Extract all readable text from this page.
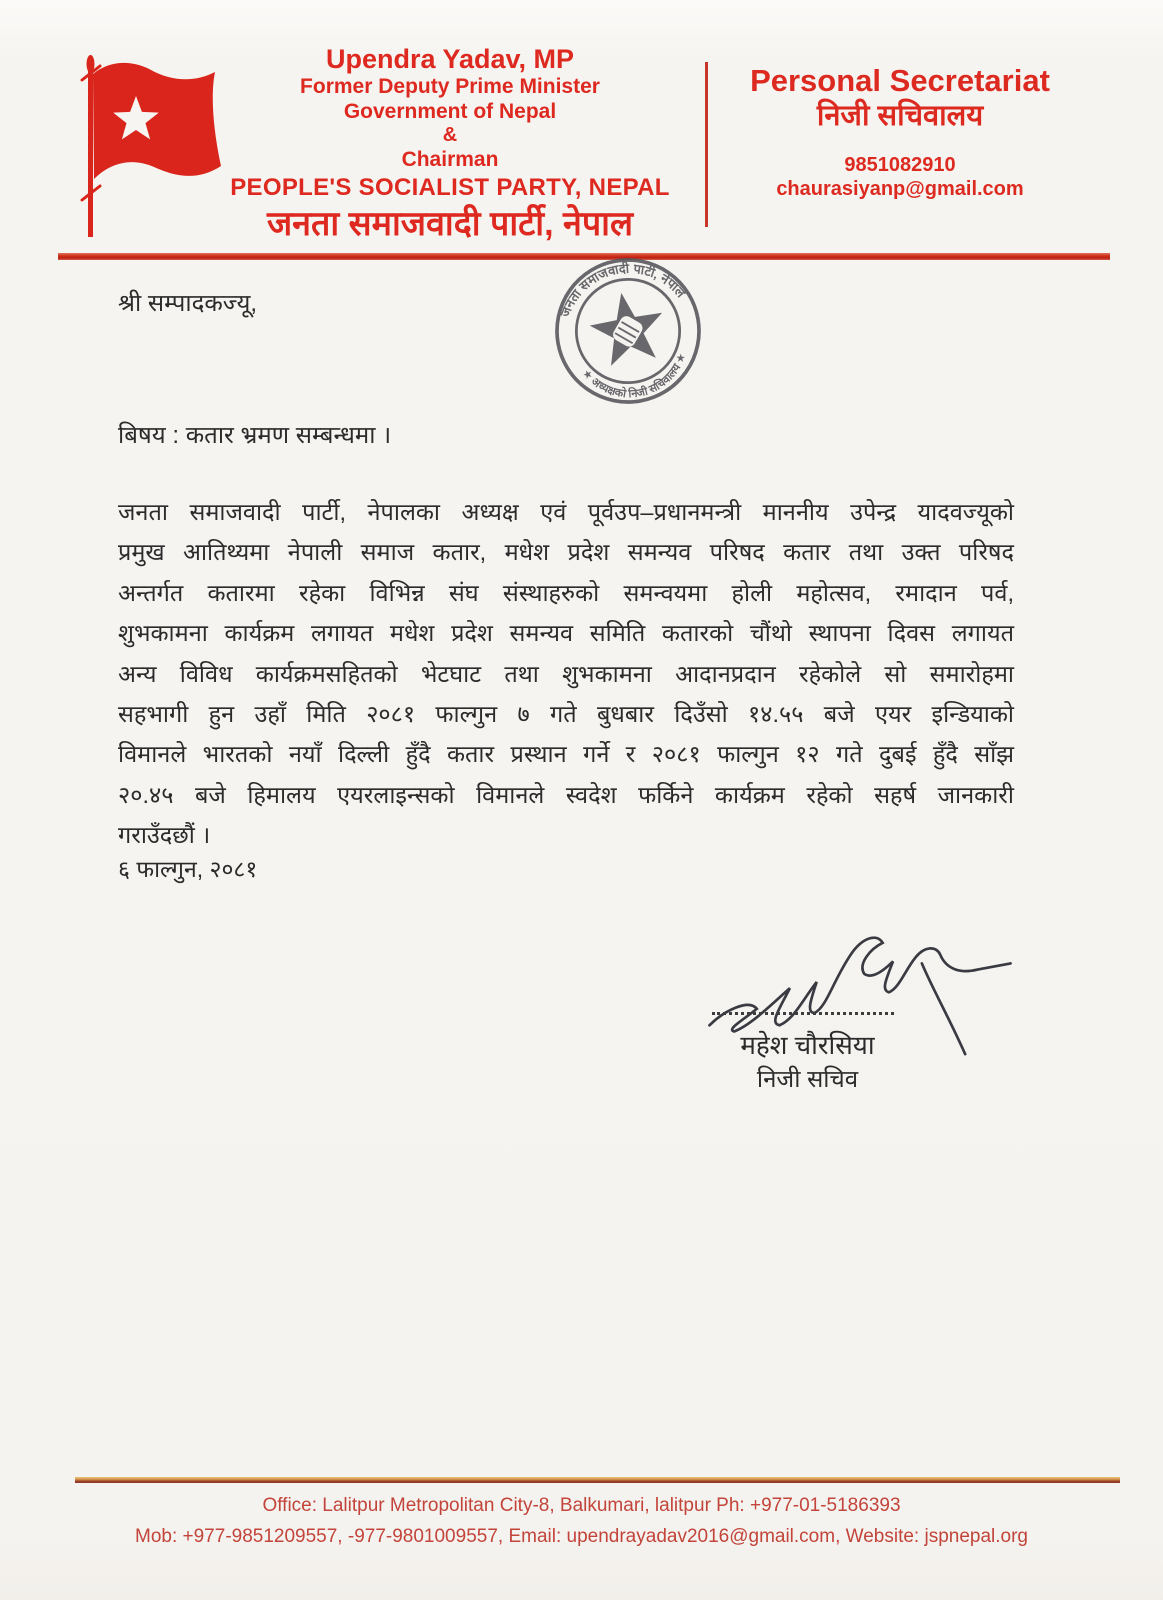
Upendra Yadav, MP
Former Deputy Prime Minister
Government of Nepal
&
Chairman
PEOPLE'S SOCIALIST PARTY, NEPAL
जनता समाजवादी पार्टी, नेपाल
Personal Secretariat
निजी सचिवालय
9851082910
chaurasiyanp@gmail.com
जनता समाजवादी पार्टी, नेपाल
★ अध्यक्षको निजी सचिवालय ★
श्री सम्पादकज्यू,
बिषय : कतार भ्रमण सम्बन्धमा ।
जनता समाजवादी पार्टी, नेपालका अध्यक्ष एवं पूर्वउप–प्रधानमन्त्री माननीय उपेन्द्र यादवज्यूको
प्रमुख आतिथ्यमा नेपाली समाज कतार, मधेश प्रदेश समन्यव परिषद कतार तथा उक्त परिषद
अन्तर्गत कतारमा रहेका विभिन्न संघ संस्थाहरुको समन्वयमा होली महोत्सव, रमादान पर्व,
शुभकामना कार्यक्रम लगायत मधेश प्रदेश समन्यव समिति कतारको चौंथो स्थापना दिवस लगायत
अन्य विविध कार्यक्रमसहितको भेटघाट तथा शुभकामना आदानप्रदान रहेकोले सो समारोहमा
सहभागी हुन उहाँ मिति २०८१ फाल्गुन ७ गते बुधबार दिउँसो १४.५५ बजे एयर इन्डियाको
विमानले भारतको नयाँ दिल्ली हुँदै कतार प्रस्थान गर्ने र २०८१ फाल्गुन १२ गते दुबई हुँदै साँझ
२०.४५ बजे हिमालय एयरलाइन्सको विमानले स्वदेश फर्किने कार्यक्रम रहेको सहर्ष जानकारी
गराउँदछौं ।
६ फाल्गुन, २०८१
महेश चौरसिया
निजी सचिव
Office: Lalitpur Metropolitan City-8, Balkumari, lalitpur Ph: +977-01-5186393
Mob: +977-9851209557, -977-9801009557, Email: upendrayadav2016@gmail.com, Website: jspnepal.org
